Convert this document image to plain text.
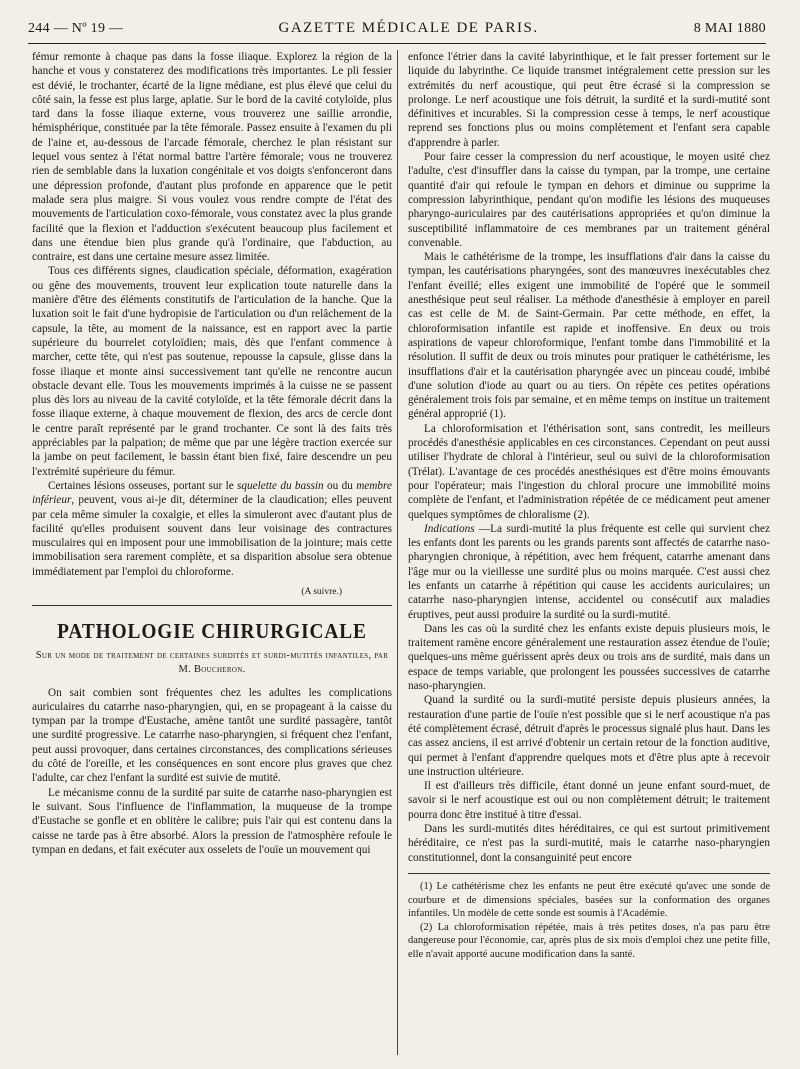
244 — Nº 19 —	GAZETTE MÉDICALE DE PARIS.	8 MAI 1880

fémur remonte à chaque pas dans la fosse iliaque. Explorez la région de la hanche et vous y constaterez des modifications très importantes. Le pli fessier est dévié, le trochanter, écarté de la ligne médiane, est plus élevé que celui du côté sain, la fesse est plus large, aplatie. Sur le bord de la cavité cotyloïde, plus tard dans la fosse iliaque externe, vous trouverez une saillie arrondie, hémisphérique, constituée par la tête fémorale. Passez ensuite à l'examen du pli de l'aine et, au-dessous de l'arcade fémorale, cherchez le plan résistant sur lequel vous sentez à l'état normal battre l'artère fémorale; vous ne trouverez rien de semblable dans la luxation congénitale et vos doigts s'enfonceront dans une dépression profonde, d'autant plus profonde en apparence que le petit malade sera plus maigre. Si vous voulez vous rendre compte de l'état des mouvements de l'articulation coxo-fémorale, vous constatez avec la plus grande facilité que la flexion et l'adduction s'exécutent beaucoup plus facilement et dans une étendue bien plus grande qu'à l'ordinaire, que l'abduction, au contraire, est dans une certaine mesure assez limitée.

Tous ces différents signes, claudication spéciale, déformation, exagération ou gêne des mouvements, trouvent leur explication toute naturelle dans la manière d'être des éléments constitutifs de l'articulation de la hanche. Que la luxation soit le fait d'une hydropisie de l'articulation ou d'un relâchement de la capsule, la tête, au moment de la naissance, est en rapport avec la partie supérieure du bourrelet cotyloïdien; mais, dès que l'enfant commence à marcher, cette tête, qui n'est pas soutenue, repousse la capsule, glisse dans la fosse iliaque et monte ainsi successivement tant qu'elle ne rencontre aucun obstacle devant elle. Tous les mouvements imprimés à la cuisse ne se passent plus dès lors au niveau de la cavité cotyloïde, et la tête fémorale décrit dans la fosse iliaque externe, à chaque mouvement de flexion, des arcs de cercle dont le centre paraît représenté par le grand trochanter. Ce sont là des faits très appréciables par la palpation; de même que par une légère traction exercée sur la jambe on peut facilement, le bassin étant bien fixé, faire descendre un peu l'extrémité supérieure du fémur.

Certaines lésions osseuses, portant sur le squelette du bassin ou du membre inférieur, peuvent, vous ai-je dit, déterminer de la claudication; elles peuvent par cela même simuler la coxalgie, et elles la simuleront avec d'autant plus de facilité qu'elles produisent souvent dans leur voisinage des contractures musculaires qui en imposent pour une immobilisation de la jointure; mais cette immobilisation sera rarement complète, et sa disparition absolue sera obtenue immédiatement par l'emploi du chloroforme.

(A suivre.)
PATHOLOGIE CHIRURGICALE
Sur un mode de traitement de certaines surdités et surdi-mutités infantiles, par M. Boucheron.

On sait combien sont fréquentes chez les adultes les complications auriculaires du catarrhe naso-pharyngien, qui, en se propageant à la caisse du tympan par la trompe d'Eustache, amène tantôt une surdité passagère, tantôt une surdité progressive. Le catarrhe naso-pharyngien, si fréquent chez l'enfant, peut aussi provoquer, dans certaines circonstances, des complications sérieuses du côté de l'oreille, et les conséquences en sont encore plus graves que chez l'adulte, car chez l'enfant la surdité est suivie de mutité.

Le mécanisme connu de la surdité par suite de catarrhe naso-pharyngien est le suivant. Sous l'influence de l'inflammation, la muqueuse de la trompe d'Eustache se gonfle et en oblitère le calibre; puis l'air qui est contenu dans la caisse ne tarde pas à être absorbé. Alors la pression de l'atmosphère refoule le tympan en dedans, et fait exécuter aux osselets de l'ouïe un mouvement qui

enfonce l'étrier dans la cavité labyrinthique, et le fait presser fortement sur le liquide du labyrinthe. Ce liquide transmet intégralement cette pression sur les extrémités du nerf acoustique, qui peut être écrasé si la compression se prolonge. Le nerf acoustique une fois détruit, la surdité et la surdi-mutité sont définitives et incurables. Si la compression cesse à temps, le nerf acoustique reprend ses fonctions plus ou moins complètement et l'enfant sera capable d'apprendre à parler.

Pour faire cesser la compression du nerf acoustique, le moyen usité chez l'adulte, c'est d'insuffler dans la caisse du tympan, par la trompe, une certaine quantité d'air qui refoule le tympan en dehors et diminue ou supprime la compression labyrinthique, pendant qu'on modifie les lésions des muqueuses pharyngo-auriculaires par des cautérisations appropriées et qu'on diminue la susceptibilité inflammatoire de ces membranes par un traitement général convenable.

Mais le cathétérisme de la trompe, les insufflations d'air dans la caisse du tympan, les cautérisations pharyngées, sont des manœuvres inexécutables chez l'enfant éveillé; elles exigent une immobilité de l'opéré que le sommeil anesthésique peut seul réaliser. La méthode d'anesthésie à employer en pareil cas est celle de M. de Saint-Germain. Par cette méthode, en effet, la chloroformisation infantile est rapide et inoffensive. En deux ou trois aspirations de vapeur chloroformique, l'enfant tombe dans l'immobilité et la résolution. Il suffit de deux ou trois minutes pour pratiquer le cathétérisme, les insufflations d'air et la cautérisation pharyngée avec un pinceau coudé, imbibé d'une solution d'iode au quart ou au tiers. On répète ces petites opérations généralement trois fois par semaine, et en même temps on institue un traitement général approprié (1).

La chloroformisation et l'éthérisation sont, sans contredit, les meilleurs procédés d'anesthésie applicables en ces circonstances. Cependant on peut aussi utiliser l'hydrate de chloral à l'intérieur, seul ou suivi de la chloroformisation (Trélat). L'avantage de ces procédés anesthésiques est d'être moins émouvants pour l'opérateur; mais l'ingestion du chloral procure une immobilité moins complète de l'enfant, et l'administration répétée de ce médicament peut amener quelques symptômes de chloralisme (2).

Indications —La surdi-mutité la plus fréquente est celle qui survient chez les enfants dont les parents ou les grands parents sont affectés de catarrhe naso-pharyngien chronique, à répétition, avec hem fréquent, catarrhe amenant dans l'âge mur ou la vieillesse une surdité plus ou moins marquée. C'est aussi chez les enfants un catarrhe à répétition qui cause les accidents auriculaires; un catarrhe naso-pharyngien intense, accidentel ou consécutif aux maladies éruptives, peut aussi produire la surdité ou la surdi-mutité.

Dans les cas où la surdité chez les enfants existe depuis plusieurs mois, le traitement ramène encore généralement une restauration assez étendue de l'ouïe; quelques-uns même guérissent après deux ou trois ans de surdité, mais dans un espace de temps variable, que prolongent les poussées successives de catarrhe naso-pharyngien.

Quand la surdité ou la surdi-mutité persiste depuis plusieurs années, la restauration d'une partie de l'ouïe n'est possible que si le nerf acoustique n'a pas été complètement écrasé, détruit d'après le processus signalé plus haut. Dans les cas assez anciens, il est arrivé d'obtenir un certain retour de la fonction auditive, qui permet à l'enfant d'apprendre quelques mots et d'être plus apte à recevoir une instruction ultérieure.

Il est d'ailleurs très difficile, étant donné un jeune enfant sourd-muet, de savoir si le nerf acoustique est oui ou non complètement détruit; le traitement pourra donc être institué à titre d'essai.

Dans les surdi-mutités dites héréditaires, ce qui est surtout primitivement héréditaire, ce n'est pas la surdi-mutité, mais le catarrhe naso-pharyngien constitutionnel, dont la consanguinité peut encore

(1) Le cathétérisme chez les enfants ne peut être exécuté qu'avec une sonde de courbure et de dimensions spéciales, basées sur la conformation des organes infantiles. Un modèle de cette sonde est soumis à l'Académie.

(2) La chloroformisation répétée, mais à très petites doses, n'a pas paru être dangereuse pour l'économie, car, après plus de six mois d'emploi chez une petite fille, elle n'avait apporté aucune modification dans la santé.
